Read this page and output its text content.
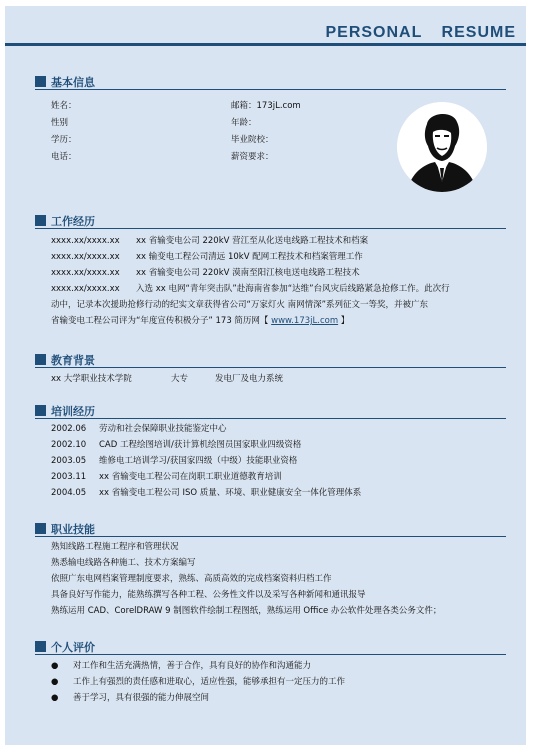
PERSONAL RESUME
基本信息
姓名：
性别
学历：
电话：
邮箱：173jL.com
年龄：
毕业院校：
薪资要求：
工作经历
xxxx.xx/xxxx.xx xx 省输变电公司 220kV 营江至从化送电线路工程技术和档案
xxxx.xx/xxxx.xx xx 输变电工程公司清远 10kV 配网工程技术和档案管理工作
xxxx.xx/xxxx.xx xx 省输变电公司 220kV 漠南至阳江核电送电线路工程技术
xxxx.xx/xxxx.xx 入选 xx 电网“青年突击队”赴海南省参加“达维”台风灾后线路紧急抢修工作。此次行
动中，记录本次援助抢修行动的纪实文章获得省公司“万家灯火 南网情深”系列征文一等奖，并被广东
省输变电工程公司评为“年度宣传积极分子” 173 简历网【 www.173jL.com 】
教育背景
xx 大学职业技术学院	大专	发电厂及电力系统
培训经历
2002.06 劳动和社会保障职业技能鉴定中心
2002.10 CAD 工程绘图培训/获计算机绘图员国家职业四级资格
2003.05 维修电工培训学习/获国家四级（中级）技能职业资格
2003.11 xx 省输变电工程公司在岗职工职业道德教育培训
2004.05 xx 省输变电工程公司 ISO 质量、环境、职业健康安全一体化管理体系
职业技能
熟知线路工程施工程序和管理状况
熟悉输电线路各种施工、技术方案编写
依照广东电网档案管理制度要求，熟练、高质高效的完成档案资料归档工作
具备良好写作能力，能熟练撰写各种工程、公务性文件以及采写各种新闻和通讯报导
熟练运用 CAD、CorelDRAW 9 制图软件绘制工程图纸，熟练运用 Office 办公软件处理各类公务文件；
个人评价
● 对工作和生活充满热情，善于合作，具有良好的协作和沟通能力
● 工作上有强烈的责任感和进取心，适应性强，能够承担有一定压力的工作
● 善于学习，具有很强的能力伸展空间
